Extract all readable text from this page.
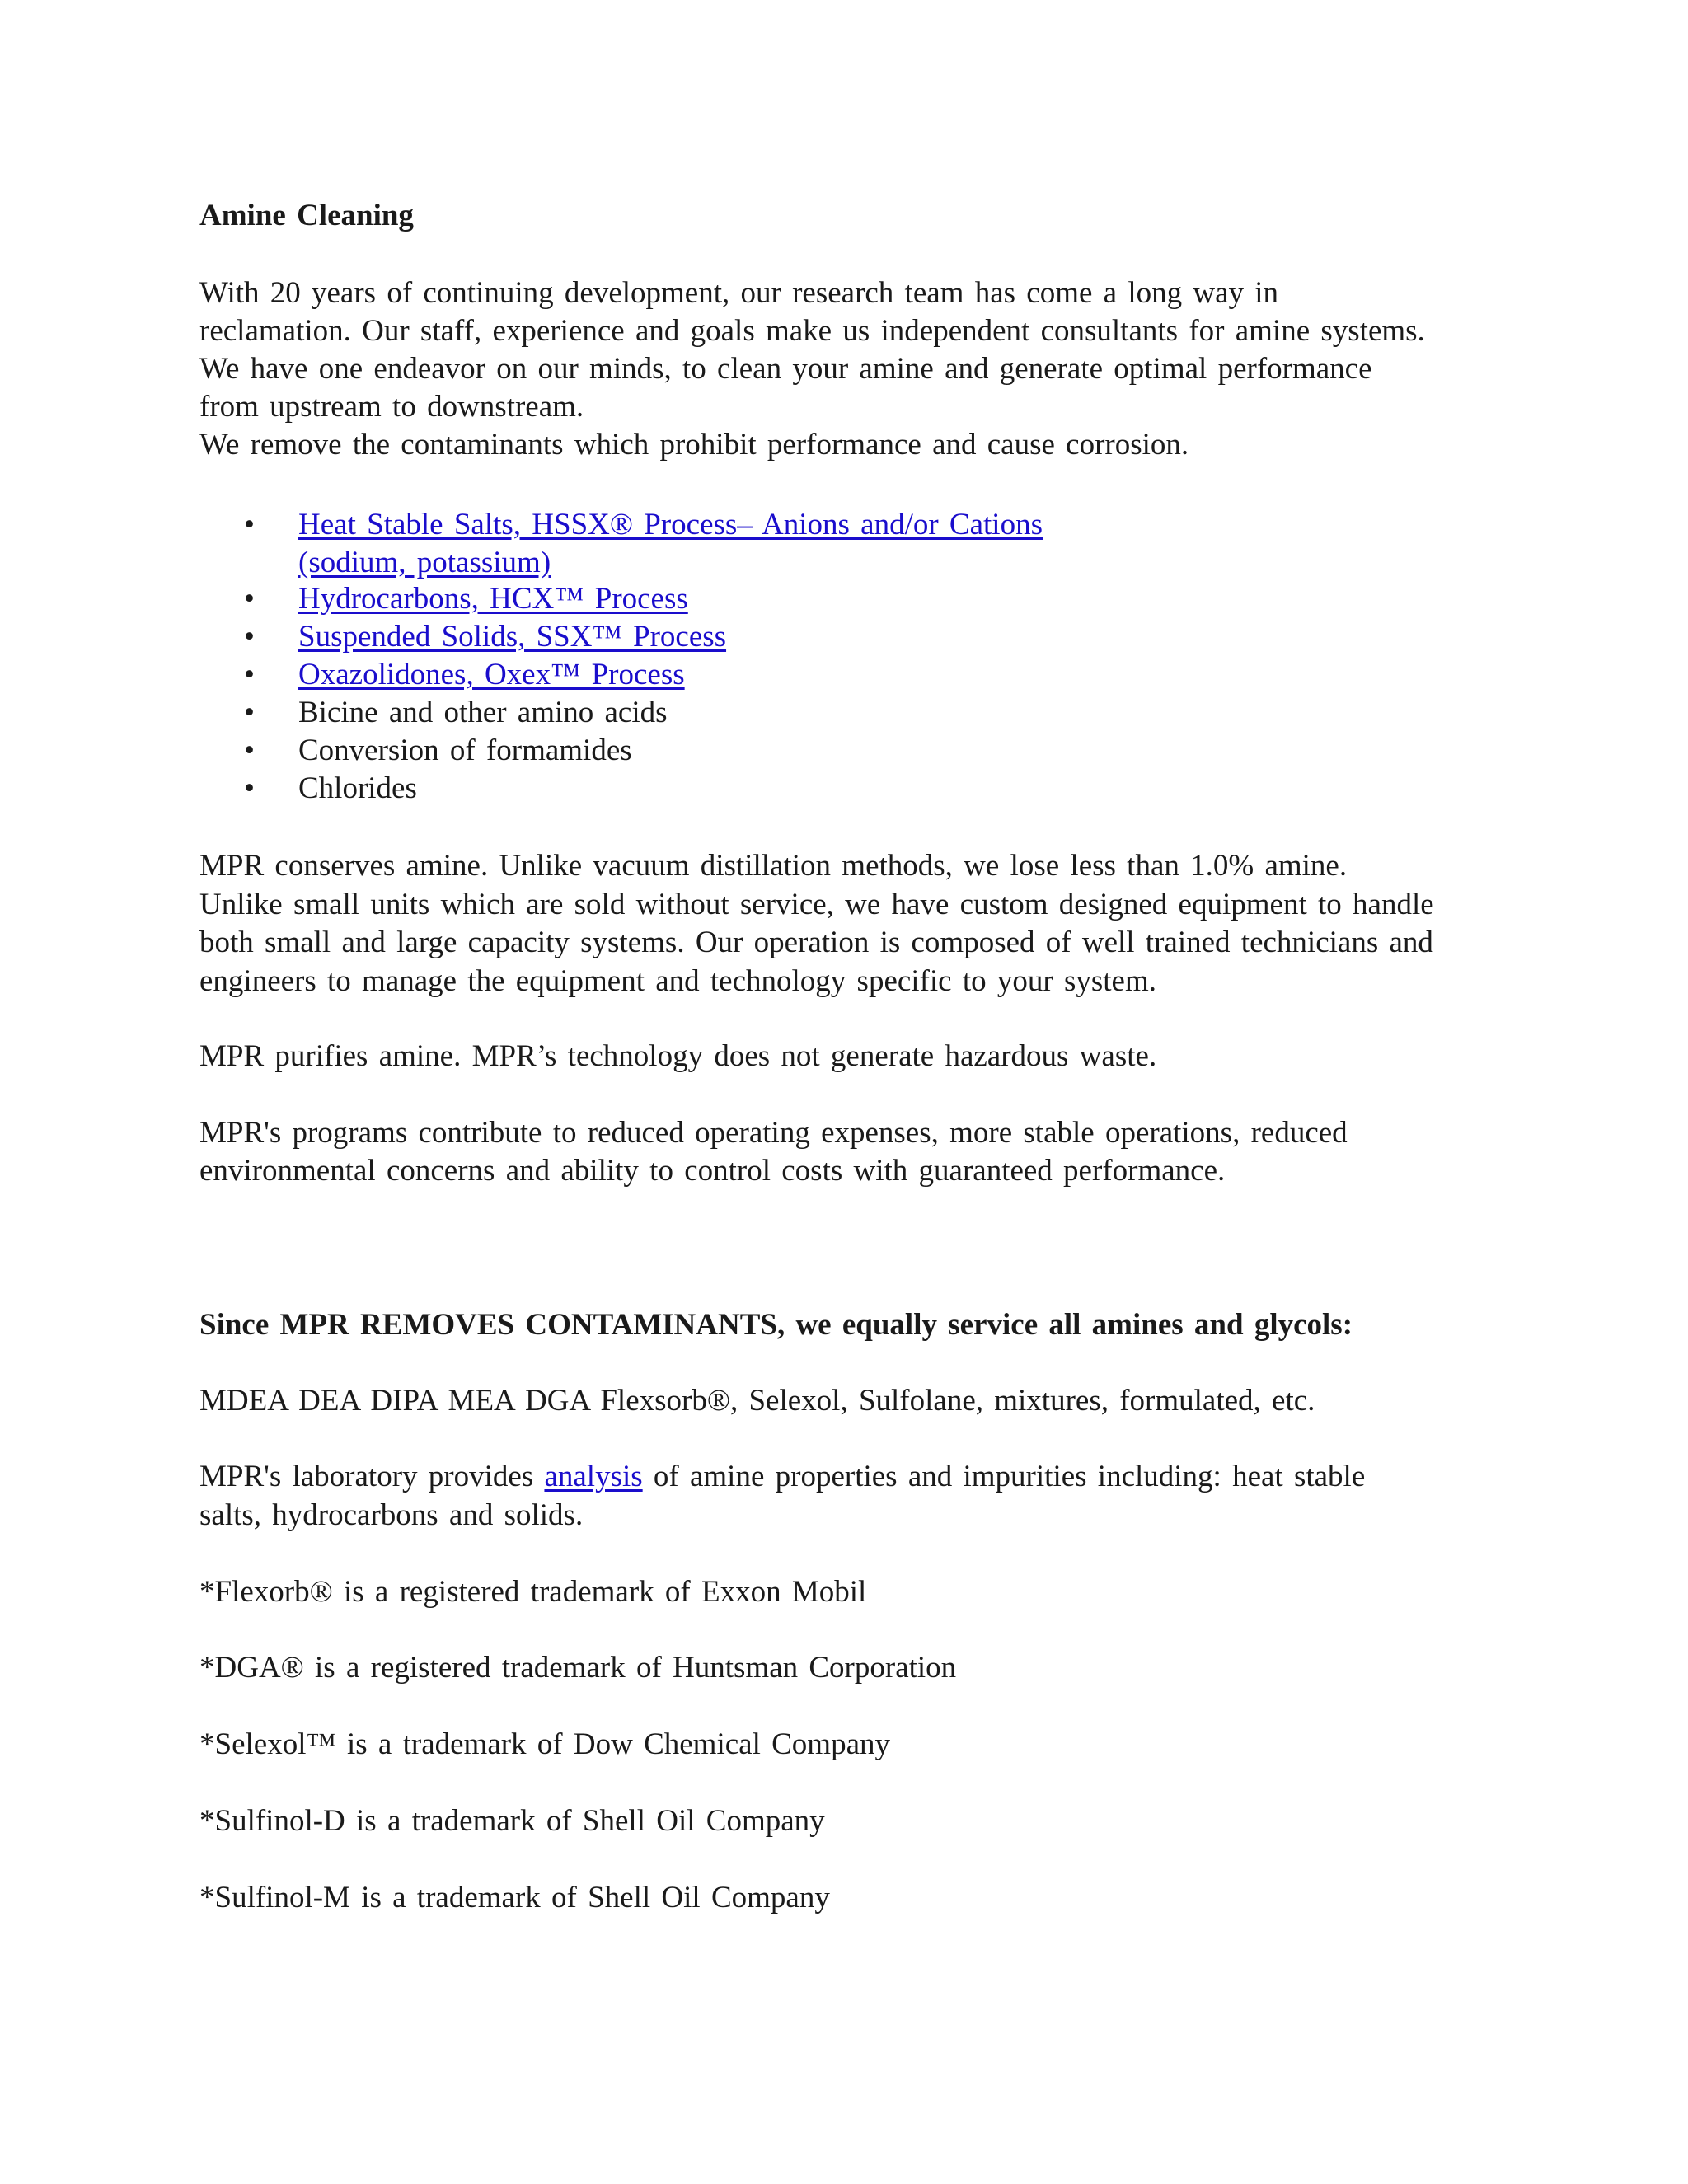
Amine Cleaning
With 20 years of continuing development, our research team has come a long way in
reclamation. Our staff, experience and goals make us independent consultants for amine systems.
We have one endeavor on our minds, to clean your amine and generate optimal performance
from upstream to downstream.
We remove the contaminants which prohibit performance and cause corrosion.
• Heat Stable Salts, HSSX® Process– Anions and/or Cations
(sodium, potassium)
• Hydrocarbons, HCX™ Process
• Suspended Solids, SSX™ Process
• Oxazolidones, Oxex™ Process
• Bicine and other amino acids
• Conversion of formamides
• Chlorides
MPR conserves amine. Unlike vacuum distillation methods, we lose less than 1.0% amine.
Unlike small units which are sold without service, we have custom designed equipment to handle
both small and large capacity systems. Our operation is composed of well trained technicians and
engineers to manage the equipment and technology specific to your system.
MPR purifies amine. MPR’s technology does not generate hazardous waste.
MPR's programs contribute to reduced operating expenses, more stable operations, reduced
environmental concerns and ability to control costs with guaranteed performance.
Since MPR REMOVES CONTAMINANTS, we equally service all amines and glycols:
MDEA DEA DIPA MEA DGA Flexsorb®, Selexol, Sulfolane, mixtures, formulated, etc.
MPR's laboratory provides analysis of amine properties and impurities including: heat stable
salts, hydrocarbons and solids.
*Flexorb® is a registered trademark of Exxon Mobil
*DGA® is a registered trademark of Huntsman Corporation
*Selexol™ is a trademark of Dow Chemical Company
*Sulfinol-D is a trademark of Shell Oil Company
*Sulfinol-M is a trademark of Shell Oil Company
